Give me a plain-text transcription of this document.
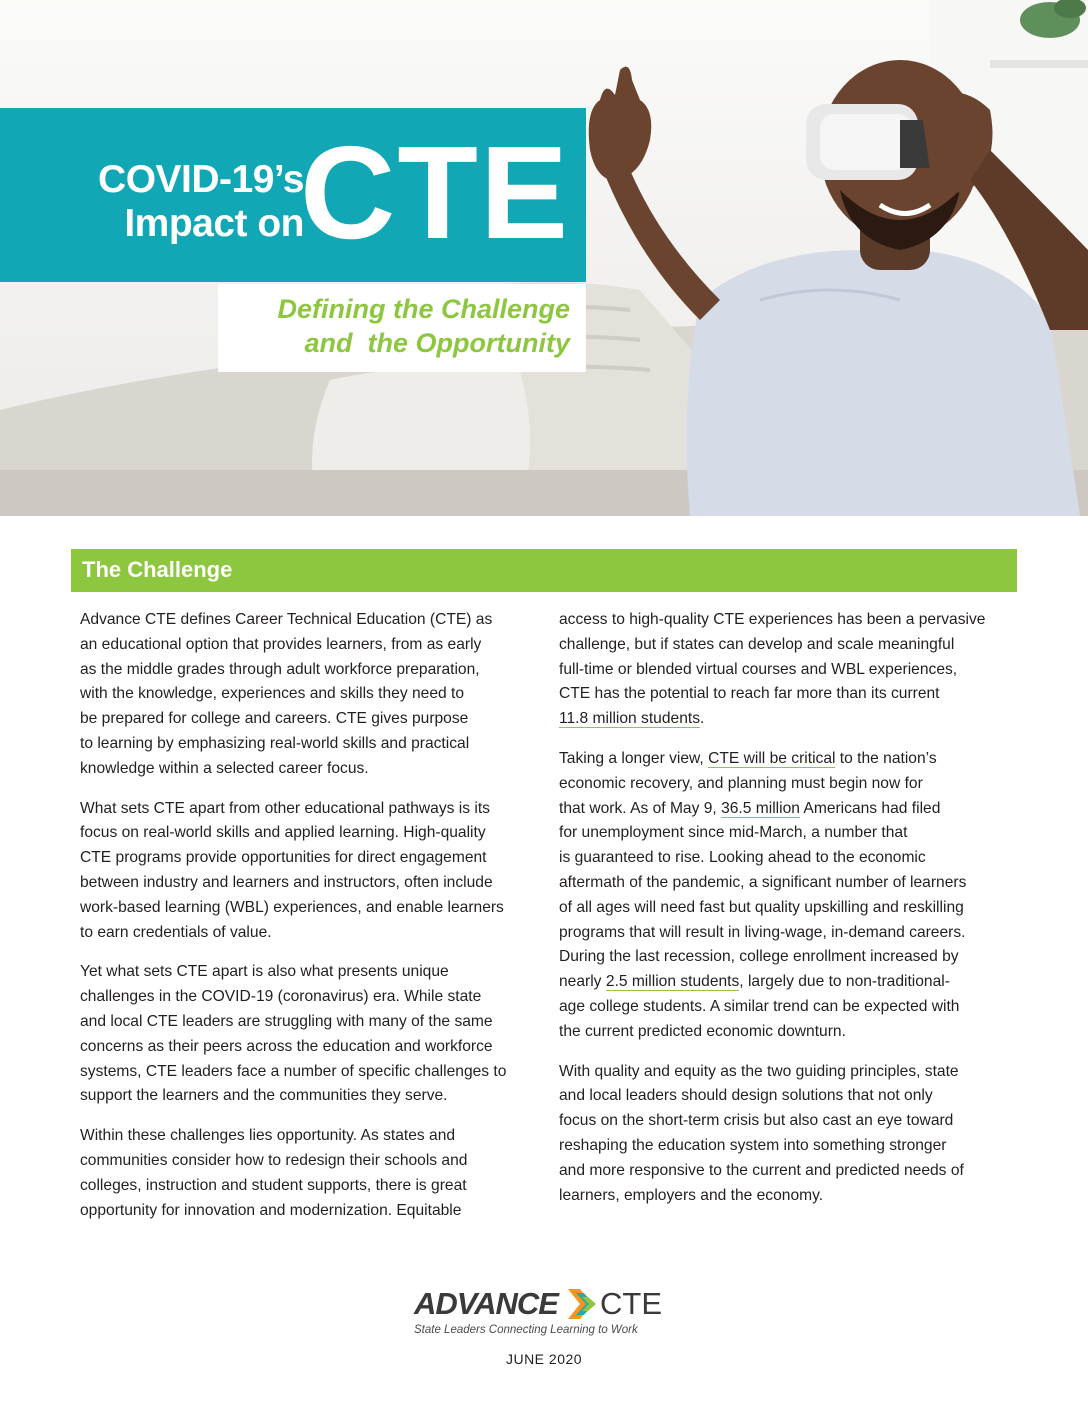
COVID-19’s
Impact on
CTE
Defining the Challenge
and  the Opportunity
The Challenge

Advance CTE defines Career Technical Education (CTE) as
an educational option that provides learners, from as early
as the middle grades through adult workforce preparation,
with the knowledge, experiences and skills they need to
be prepared for college and careers. CTE gives purpose
to learning by emphasizing real-world skills and practical
knowledge within a selected career focus.

What sets CTE apart from other educational pathways is its
focus on real-world skills and applied learning. High-quality
CTE programs provide opportunities for direct engagement
between industry and learners and instructors, often include
work-based learning (WBL) experiences, and enable learners
to earn credentials of value.

Yet what sets CTE apart is also what presents unique
challenges in the COVID-19 (coronavirus) era. While state
and local CTE leaders are struggling with many of the same
concerns as their peers across the education and workforce
systems, CTE leaders face a number of specific challenges to
support the learners and the communities they serve.

Within these challenges lies opportunity. As states and
communities consider how to redesign their schools and
colleges, instruction and student supports, there is great
opportunity for innovation and modernization. Equitable

access to high-quality CTE experiences has been a pervasive
challenge, but if states can develop and scale meaningful
full-time or blended virtual courses and WBL experiences,
CTE has the potential to reach far more than its current
11.8 million students.

Taking a longer view, CTE will be critical to the nation’s
economic recovery, and planning must begin now for
that work. As of May 9, 36.5 million Americans had filed
for unemployment since mid-March, a number that
is guaranteed to rise. Looking ahead to the economic
aftermath of the pandemic, a significant number of learners
of all ages will need fast but quality upskilling and reskilling
programs that will result in living-wage, in-demand careers.
During the last recession, college enrollment increased by
nearly 2.5 million students, largely due to non-traditional-
age college students. A similar trend can be expected with
the current predicted economic downturn.

With quality and equity as the two guiding principles, state
and local leaders should design solutions that not only
focus on the short-term crisis but also cast an eye toward
reshaping the education system into something stronger
and more responsive to the current and predicted needs of
learners, employers and the economy.

ADVANCE CTE
State Leaders Connecting Learning to Work
JUNE 2020
